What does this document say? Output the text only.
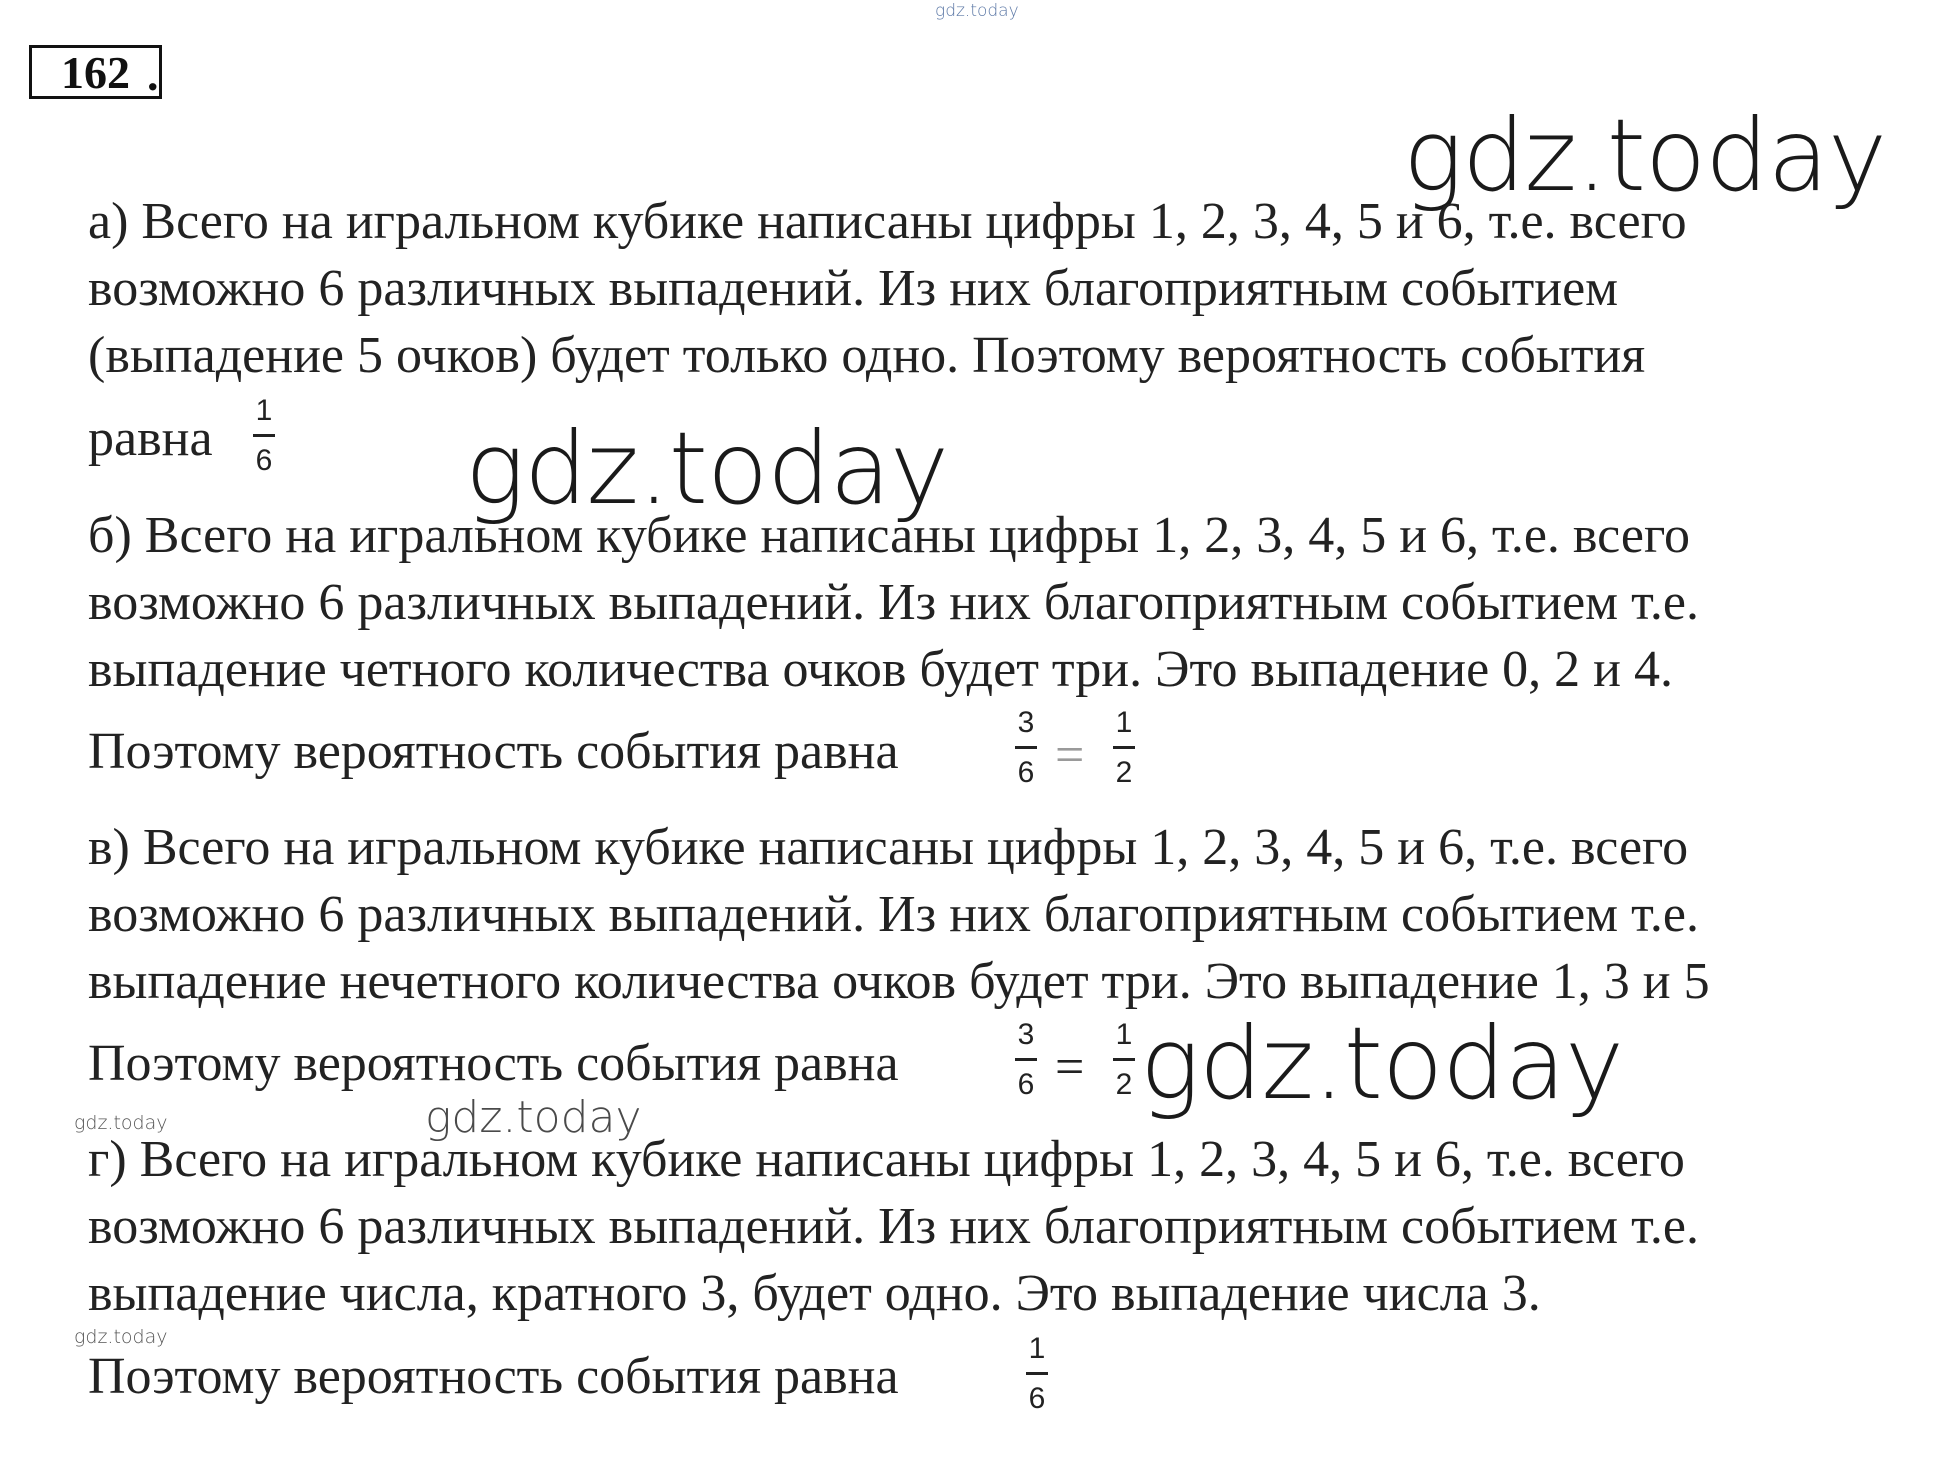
gdz.today
162 .
gdz.today
а) Всего на игральном кубике написаны цифры 1, 2, 3, 4, 5 и 6, т.е. всего
возможно 6 различных выпадений. Из них благоприятным событием
(выпадение 5 очков) будет только одно. Поэтому вероятность события
равна 1
6 gdz.today
б) Всего на игральном кубике написаны цифры 1, 2, 3, 4, 5 и 6, т.е. всего
возможно 6 различных выпадений. Из них благоприятным событием т.е.
выпадение четного количества очков будет три. Это выпадение 0, 2 и 4.
Поэтому вероятность события равна
3
6 =
1
2
в) Всего на игральном кубике написаны цифры 1, 2, 3, 4, 5 и 6, т.е. всего
возможно 6 различных выпадений. Из них благоприятным событием т.е.
выпадение нечетного количества очков будет три. Это выпадение 1, 3 и 5
Поэтому вероятность события равна
3
6 =
1
2 gdz.today
gdz.today	gdz.today
г) Всего на игральном кубике написаны цифры 1, 2, 3, 4, 5 и 6, т.е. всего
возможно 6 различных выпадений. Из них благоприятным событием т.е.
выпадение числа, кратного 3, будет одно. Это выпадение числа 3.
gdz.today
Поэтому вероятность события равна	1
6
